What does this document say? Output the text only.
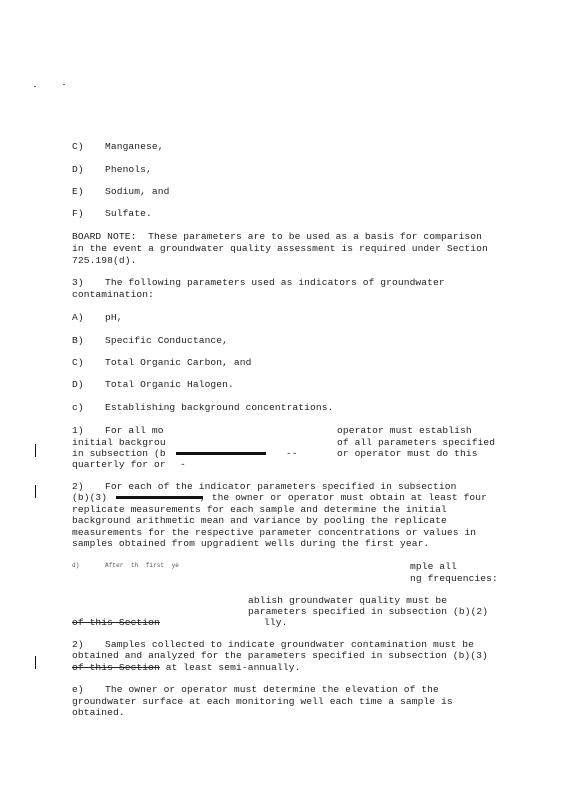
C) Manganese,
D) Phenols,
E) Sodium, and
F) Sulfate.
BOARD NOTE:  These parameters are to be used as a basis for comparison
in the event a groundwater quality assessment is required under Section
725.198(d).
3) The following parameters used as indicators of groundwater
contamination:
A) pH,
B) Specific Conductance,
C) Total Organic Carbon, and
D) Total Organic Halogen.
c) Establishing background concentrations.
1) For all mo	operator must establish
initial backgrou	of all parameters specified
in subsection (b	--	or operator must do this
quarterly for or -
2) For each of the indicator parameters specified in subsection
(b)(3)	, the owner or operator must obtain at least four
replicate measurements for each sample and determine the initial
background arithmetic mean and variance by pooling the replicate
measurements for the respective parameter concentrations or values in
samples obtained from upgradient wells during the first year.
d)	After  th  first  ye	mple all
ng frequencies:
ablish groundwater quality must be
parameters specified in subsection (b)(2)
of this Section	lly.
2) Samples collected to indicate groundwater contamination must be
obtained and analyzed for the parameters specified in subsection (b)(3)
of this Section at least semi-annually.
e) The owner or operator must determine the elevation of the
groundwater surface at each monitoring well each time a sample is
obtained.
